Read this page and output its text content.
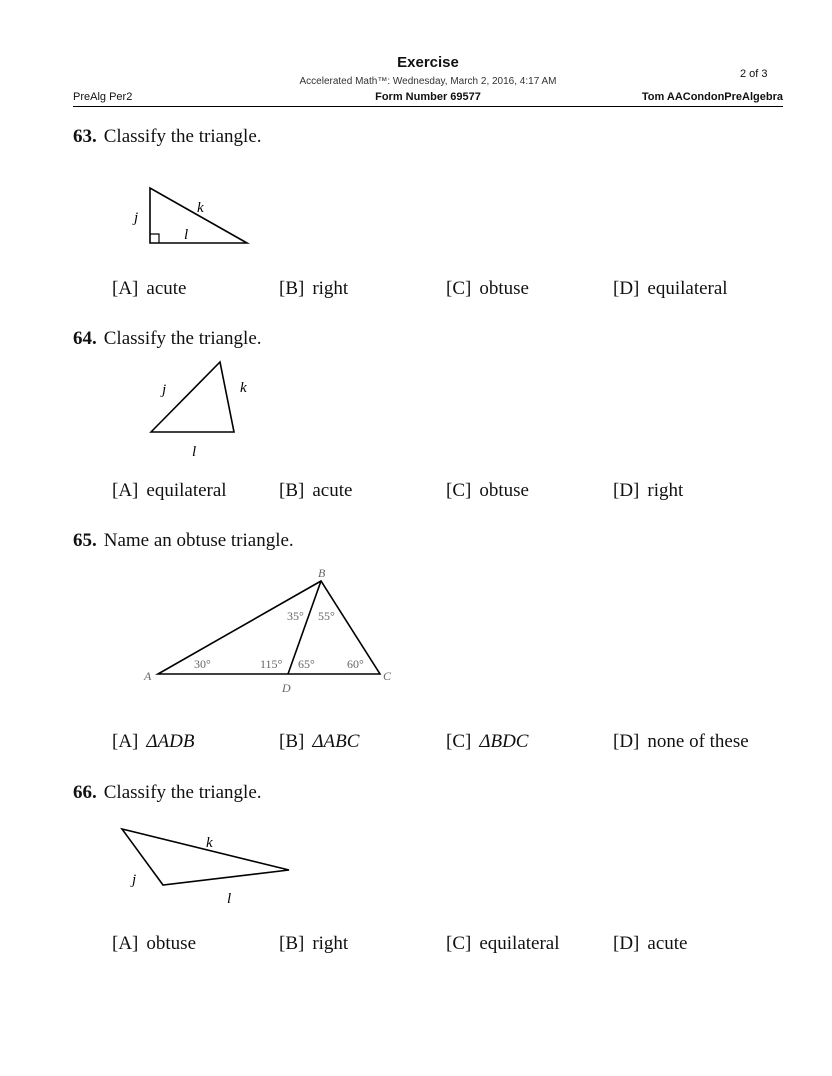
Exercise
Accelerated Math™: Wednesday, March 2, 2016, 4:17 AM
2 of 3
PreAlg Per2	Form Number 69577	Tom AACondonPreAlgebra
63. Classify the triangle.
64. Classify the triangle.
65. Name an obtuse triangle.
66. Classify the triangle.
j
k
l
j	k
l
A
B
C
D
30°
35° 55°
115° 65°	60°
j
k
l
[A] acute	[B] right	[C] obtuse	[D] equilateral
[A] equilateral	[B] acute	[C] obtuse	[D] right
[A] ΔADB	[B] ΔABC	[C] ΔBDC	[D] none of these
[A] obtuse	[B] right	[C] equilateral	[D] acute
